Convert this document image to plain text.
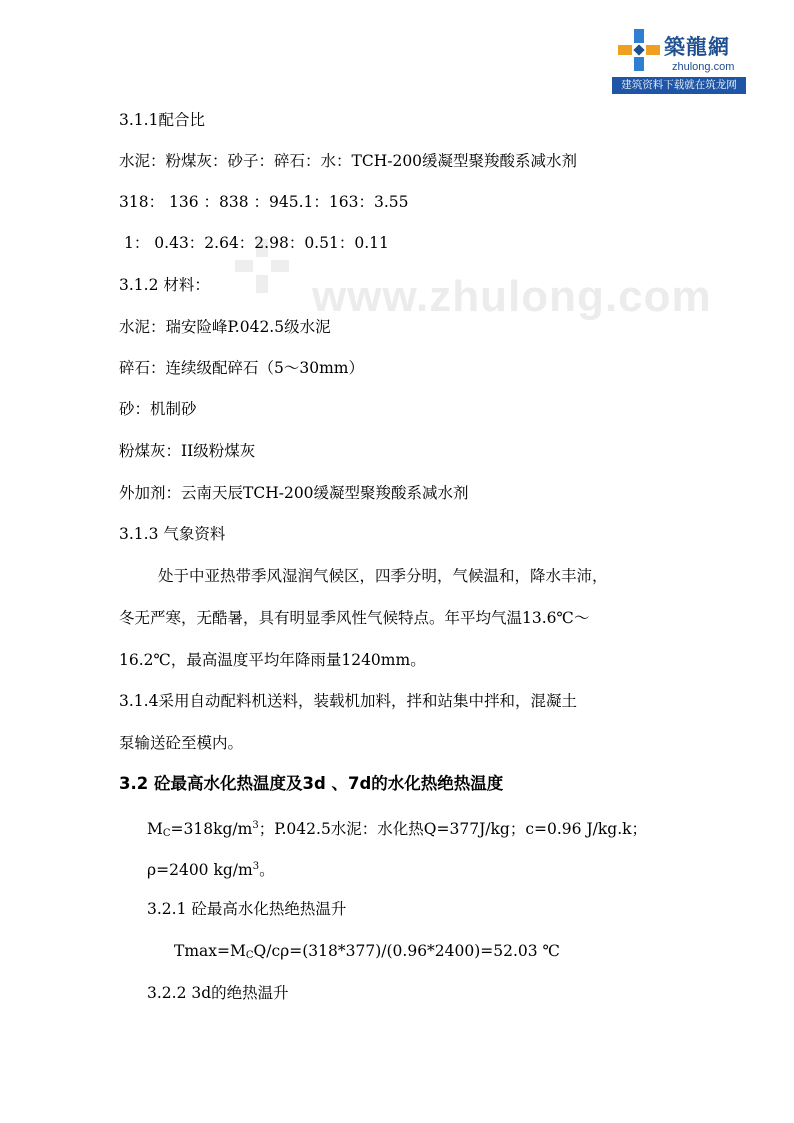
築龍網
zhulong.com
建筑资料下载就在筑龙网
www.zhulong.com
3.1.1配合比
水泥：粉煤灰：砂子：碎石：水：TCH-200缓凝型聚羧酸系减水剂
318： 136 ：838 ：945.1：163：3.55
1： 0.43：2.64：2.98：0.51：0.11
3.1.2 材料：
水泥：瑞安险峰P.042.5级水泥
碎石：连续级配碎石（5～30mm）
砂：机制砂
粉煤灰：II级粉煤灰
外加剂：云南天辰TCH-200缓凝型聚羧酸系减水剂
3.1.3 气象资料
处于中亚热带季风湿润气候区，四季分明，气候温和，降水丰沛，
冬无严寒，无酷暑，具有明显季风性气候特点。年平均气温13.6℃～
16.2℃，最高温度平均年降雨量1240mm。
3.1.4采用自动配料机送料，装载机加料，拌和站集中拌和，混凝土
泵输送砼至模内。
3.2 砼最高水化热温度及3d 、7d的水化热绝热温度
$M_C=318kg/m^3$；P.042.5水泥：水化热Q=377J/kg；c=0.96 J/kg.k；
ρ=2400 $kg/m^3$。
3.2.1 砼最高水化热绝热温升
$Tmax=M_CQ/c\rho=(318*377)/(0.96*2400)=52.03$ ℃
3.2.2 3d的绝热温升
